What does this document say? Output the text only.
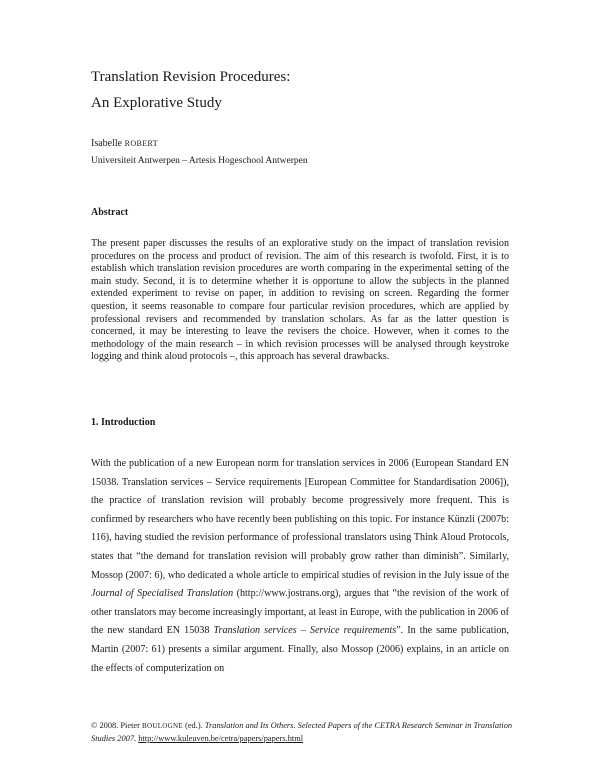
Translation Revision Procedures:
An Explorative Study
Isabelle ROBERT
Universiteit Antwerpen – Artesis Hogeschool Antwerpen
Abstract

The present paper discusses the results of an explorative study on the impact of translation revision procedures on the process and product of revision. The aim of this research is twofold. First, it is to establish which translation revision procedures are worth comparing in the experimental setting of the main study. Second, it is to determine whether it is opportune to allow the subjects in the planned extended experiment to revise on paper, in addition to revising on screen. Regarding the former question, it seems reasonable to compare four particular revision procedures, which are applied by professional revisers and recommended by translation scholars. As far as the latter question is concerned, it may be interesting to leave the revisers the choice. However, when it comes to the methodology of the main research – in which revision processes will be analysed through keystroke logging and think aloud protocols –, this approach has several drawbacks.

1. Introduction

With the publication of a new European norm for translation services in 2006 (European Standard EN 15038. Translation services – Service requirements [European Committee for Standardisation 2006]), the practice of translation revision will probably become progressively more frequent. This is confirmed by researchers who have recently been publishing on this topic. For instance Künzli (2007b: 116), having studied the revision performance of professional translators using Think Aloud Protocols, states that “the demand for translation revision will probably grow rather than diminish”. Similarly, Mossop (2007: 6), who dedicated a whole article to empirical studies of revision in the July issue of the Journal of Specialised Translation (http://www.jostrans.org), argues that “the revision of the work of other translators may become increasingly important, at least in Europe, with the publication in 2006 of the new standard EN 15038 Translation services – Service requirements”. In the same publication, Martin (2007: 61) presents a similar argument. Finally, also Mossop (2006) explains, in an article on the effects of computerization on

© 2008. Pieter BOULOGNE (ed.). Translation and Its Others. Selected Papers of the CETRA Research Seminar in Translation Studies 2007. http://www.kuleuven.be/cetra/papers/papers.html
